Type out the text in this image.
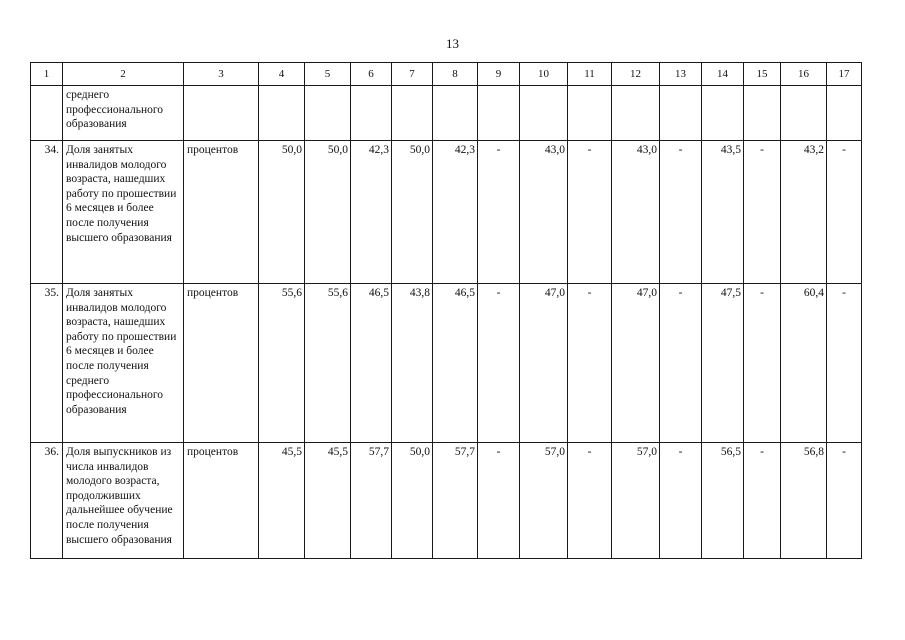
13
1	2	3	4	5	6	7	8	9	10	11	12	13	14	15	16	17
	среднего профессионального образования															
34.	Доля занятых инвалидов молодого возраста, нашедших работу по прошествии 6 месяцев и более после получения высшего образования	процентов	50,0	50,0	42,3	50,0	42,3	-	43,0	-	43,0	-	43,5	-	43,2	-
35.	Доля занятых инвалидов молодого возраста, нашедших работу по прошествии 6 месяцев и более после получения среднего профессионального образования	процентов	55,6	55,6	46,5	43,8	46,5	-	47,0	-	47,0	-	47,5	-	60,4	-
36.	Доля выпускников из числа инвалидов молодого возраста, продолживших дальнейшее обучение после получения высшего образования	процентов	45,5	45,5	57,7	50,0	57,7	-	57,0	-	57,0	-	56,5	-	56,8	-
